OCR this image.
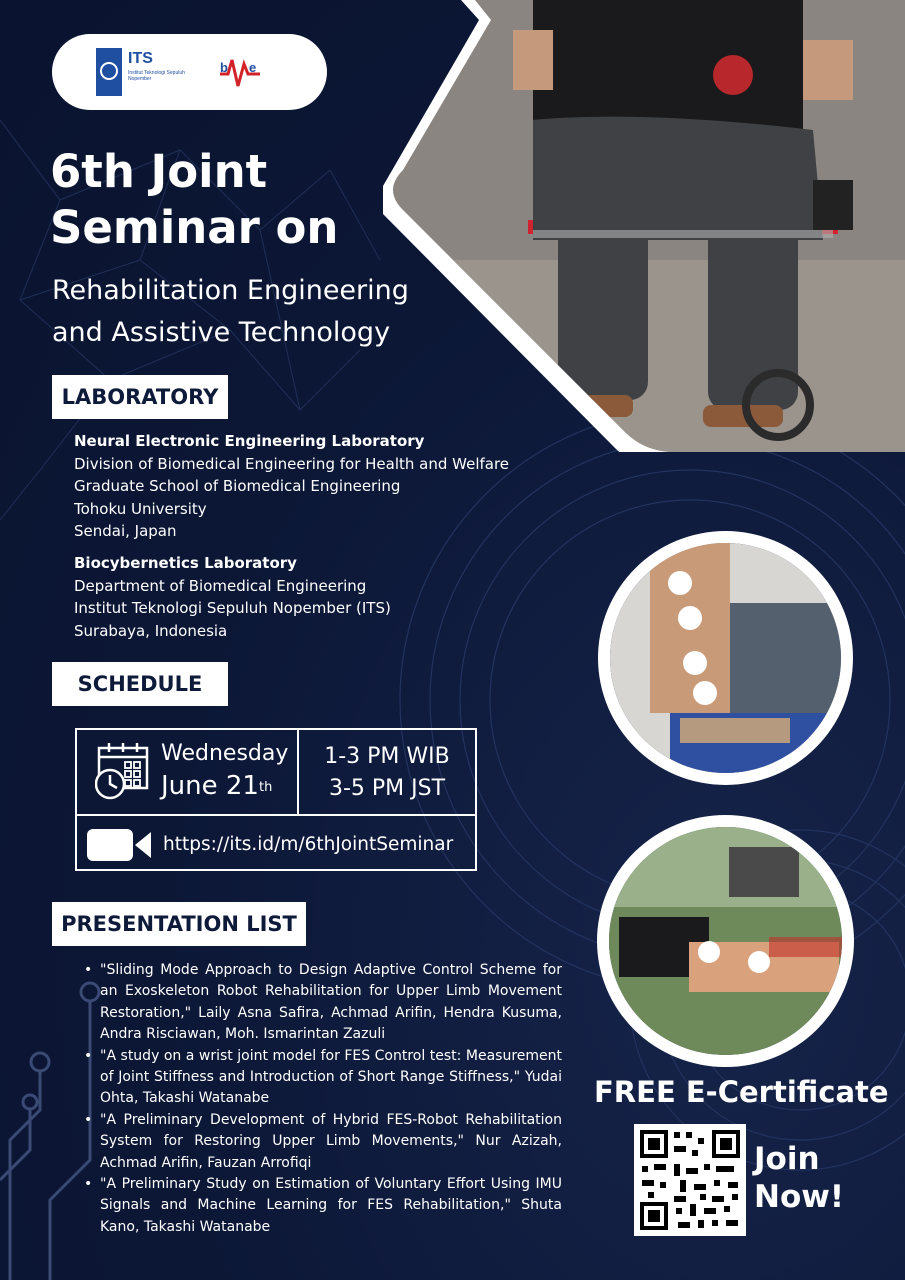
ITS
Institut Teknologi Sepuluh Nopember
b e
6th Joint
Seminar on
Rehabilitation Engineering
and Assistive Technology
LABORATORY
Neural Electronic Engineering Laboratory
Division of Biomedical Engineering for Health and Welfare
Graduate School of Biomedical Engineering
Tohoku University
Sendai, Japan
Biocybernetics Laboratory
Department of Biomedical Engineering
Institut Teknologi Sepuluh Nopember (ITS)
Surabaya, Indonesia
SCHEDULE
Wednesday
June 21th
1-3 PM WIB
3-5 PM JST
https://its.id/m/6thJointSeminar
PRESENTATION LIST
• "Sliding Mode Approach to Design Adaptive Control Scheme for an Exoskeleton Robot Rehabilitation for Upper Limb Movement Restoration," Laily Asna Safira, Achmad Arifin, Hendra Kusuma, Andra Risciawan, Moh. Ismarintan Zazuli
• "A study on a wrist joint model for FES Control test: Measurement of Joint Stiffness and Introduction of Short Range Stiffness," Yudai Ohta, Takashi Watanabe
• "A Preliminary Development of Hybrid FES-Robot Rehabilitation System for Restoring Upper Limb Movements," Nur Azizah, Achmad Arifin, Fauzan Arrofiqi
• "A Preliminary Study on Estimation of Voluntary Effort Using IMU Signals and Machine Learning for FES Rehabilitation," Shuta Kano, Takashi Watanabe
FREE E-Certificate
Join
Now!
